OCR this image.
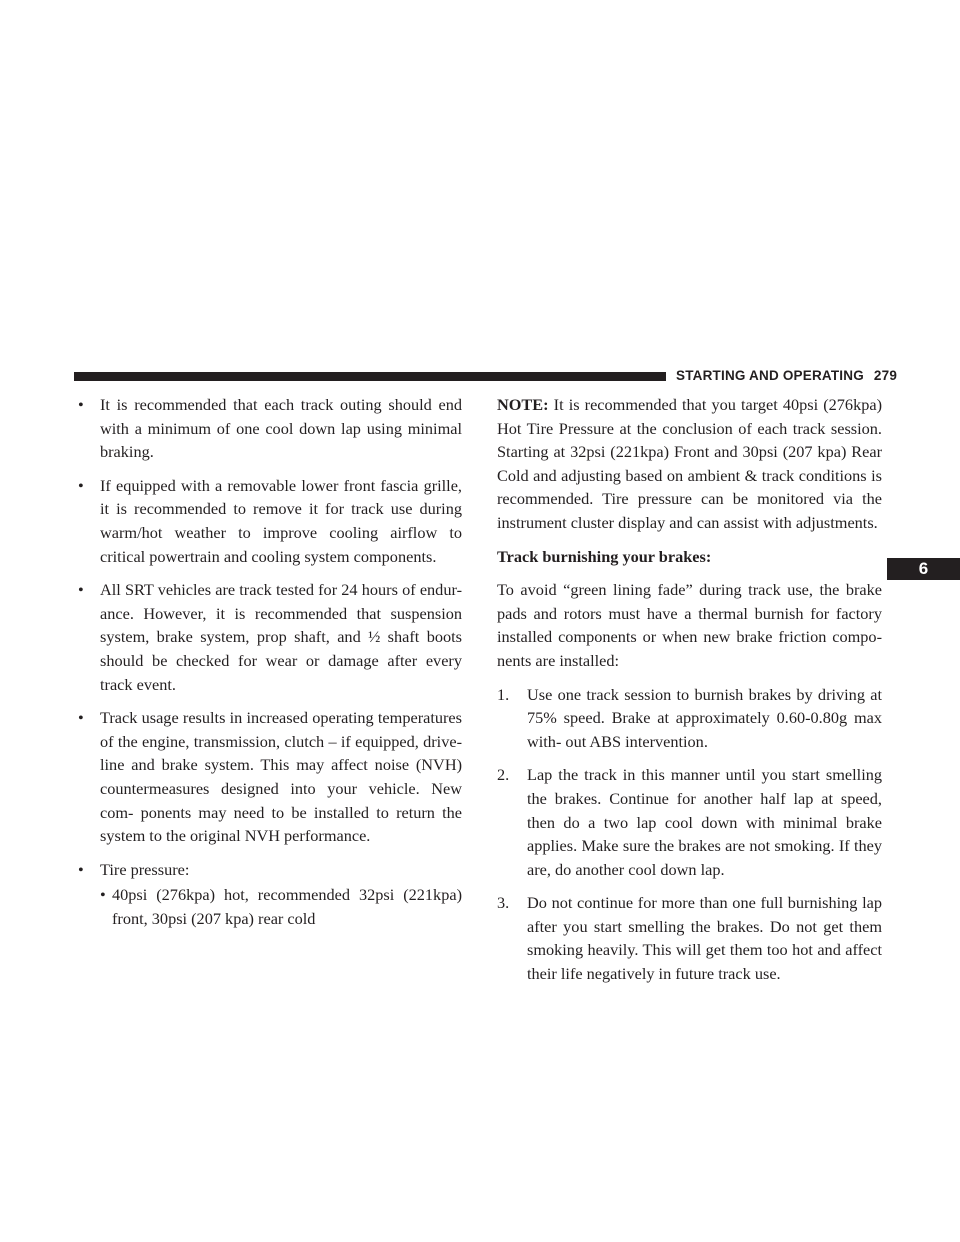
STARTING AND OPERATING 279
6
• It is recommended that each track outing should end with a minimum of one cool down lap using minimal braking.
• If equipped with a removable lower front fascia grille, it is recommended to remove it for track use during warm/hot weather to improve cooling airflow to critical powertrain and cooling system components.
• All SRT vehicles are track tested for 24 hours of endur- ance. However, it is recommended that suspension system, brake system, prop shaft, and ½ shaft boots should be checked for wear or damage after every track event.
• Track usage results in increased operating temperatures of the engine, transmission, clutch – if equipped, drive- line and brake system. This may affect noise (NVH) countermeasures designed into your vehicle. New com- ponents may need to be installed to return the system to the original NVH performance.
• Tire pressure:
• 40psi (276kpa) hot, recommended 32psi (221kpa) front, 30psi (207 kpa) rear cold

NOTE: It is recommended that you target 40psi (276kpa) Hot Tire Pressure at the conclusion of each track session. Starting at 32psi (221kpa) Front and 30psi (207 kpa) Rear Cold and adjusting based on ambient & track conditions is recommended. Tire pressure can be monitored via the instrument cluster display and can assist with adjustments.

Track burnishing your brakes:

To avoid “green lining fade” during track use, the brake pads and rotors must have a thermal burnish for factory installed components or when new brake friction compo- nents are installed:

1. Use one track session to burnish brakes by driving at 75% speed. Brake at approximately 0.60-0.80g max with- out ABS intervention.
2. Lap the track in this manner until you start smelling the brakes. Continue for another half lap at speed, then do a two lap cool down with minimal brake applies. Make sure the brakes are not smoking. If they are, do another cool down lap.
3. Do not continue for more than one full burnishing lap after you start smelling the brakes. Do not get them smoking heavily. This will get them too hot and affect their life negatively in future track use.
